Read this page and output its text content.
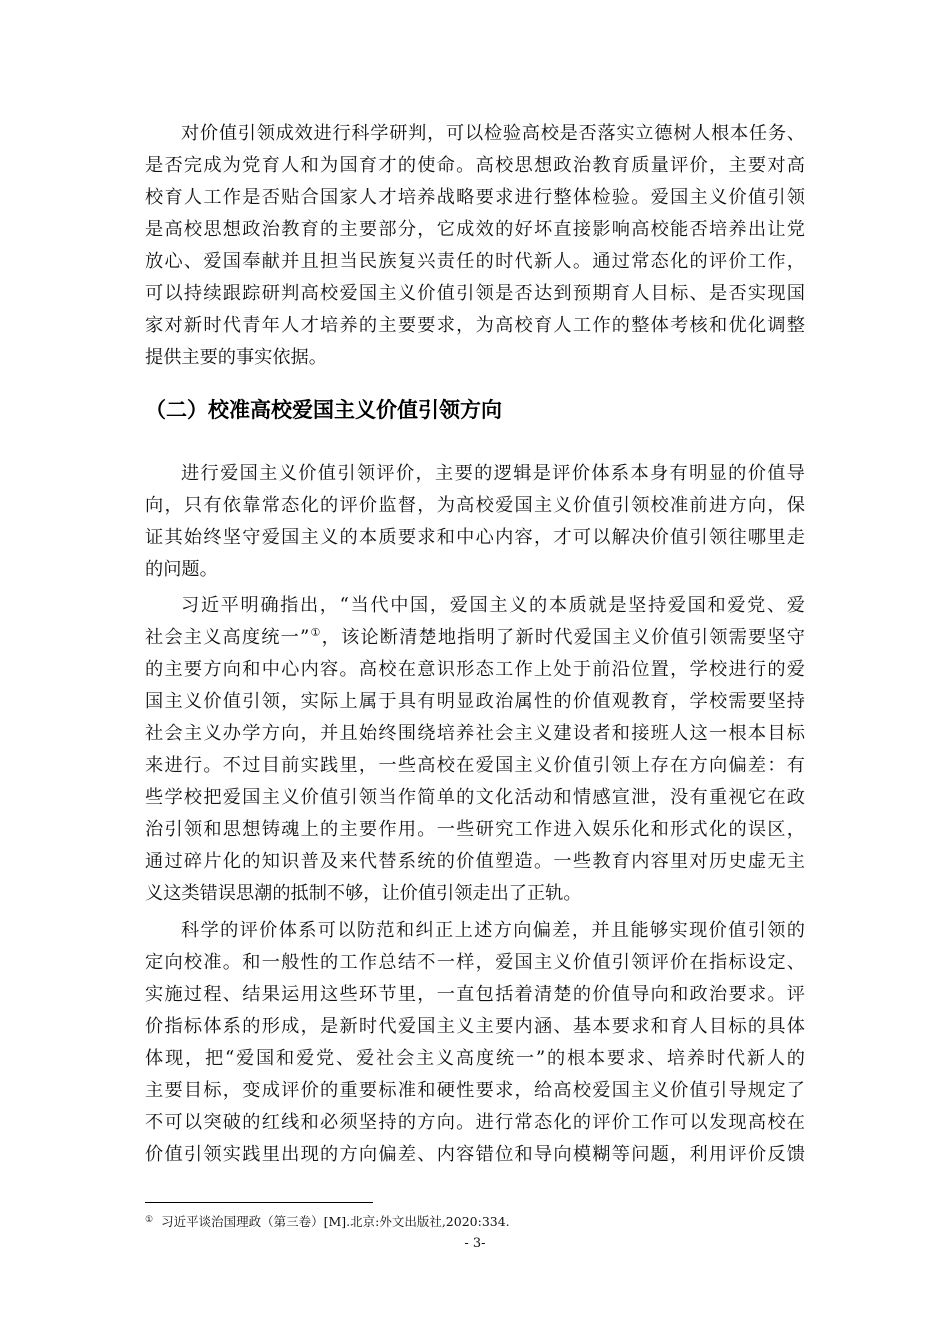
对价值引领成效进行科学研判，可以检验高校是否落实立德树人根本任务、
是否完成为党育人和为国育才的使命。高校思想政治教育质量评价，主要对高
校育人工作是否贴合国家人才培养战略要求进行整体检验。爱国主义价值引领
是高校思想政治教育的主要部分，它成效的好坏直接影响高校能否培养出让党
放心、爱国奉献并且担当民族复兴责任的时代新人。通过常态化的评价工作，
可以持续跟踪研判高校爱国主义价值引领是否达到预期育人目标、是否实现国
家对新时代青年人才培养的主要要求，为高校育人工作的整体考核和优化调整
提供主要的事实依据。
（二）校准高校爱国主义价值引领方向
进行爱国主义价值引领评价，主要的逻辑是评价体系本身有明显的价值导
向，只有依靠常态化的评价监督，为高校爱国主义价值引领校准前进方向，保
证其始终坚守爱国主义的本质要求和中心内容，才可以解决价值引领往哪里走
的问题。
习近平明确指出，“当代中国，爱国主义的本质就是坚持爱国和爱党、爱
社会主义高度统一”①，该论断清楚地指明了新时代爱国主义价值引领需要坚守
的主要方向和中心内容。高校在意识形态工作上处于前沿位置，学校进行的爱
国主义价值引领，实际上属于具有明显政治属性的价值观教育，学校需要坚持
社会主义办学方向，并且始终围绕培养社会主义建设者和接班人这一根本目标
来进行。不过目前实践里，一些高校在爱国主义价值引领上存在方向偏差：有
些学校把爱国主义价值引领当作简单的文化活动和情感宣泄，没有重视它在政
治引领和思想铸魂上的主要作用。一些研究工作进入娱乐化和形式化的误区，
通过碎片化的知识普及来代替系统的价值塑造。一些教育内容里对历史虚无主
义这类错误思潮的抵制不够，让价值引领走出了正轨。
科学的评价体系可以防范和纠正上述方向偏差，并且能够实现价值引领的
定向校准。和一般性的工作总结不一样，爱国主义价值引领评价在指标设定、
实施过程、结果运用这些环节里，一直包括着清楚的价值导向和政治要求。评
价指标体系的形成，是新时代爱国主义主要内涵、基本要求和育人目标的具体
体现，把“爱国和爱党、爱社会主义高度统一”的根本要求、培养时代新人的
主要目标，变成评价的重要标准和硬性要求，给高校爱国主义价值引导规定了
不可以突破的红线和必须坚持的方向。进行常态化的评价工作可以发现高校在
价值引领实践里出现的方向偏差、内容错位和导向模糊等问题，利用评价反馈
① 习近平谈治国理政（第三卷）[M].北京:外文出版社,2020:334.
- 3-
